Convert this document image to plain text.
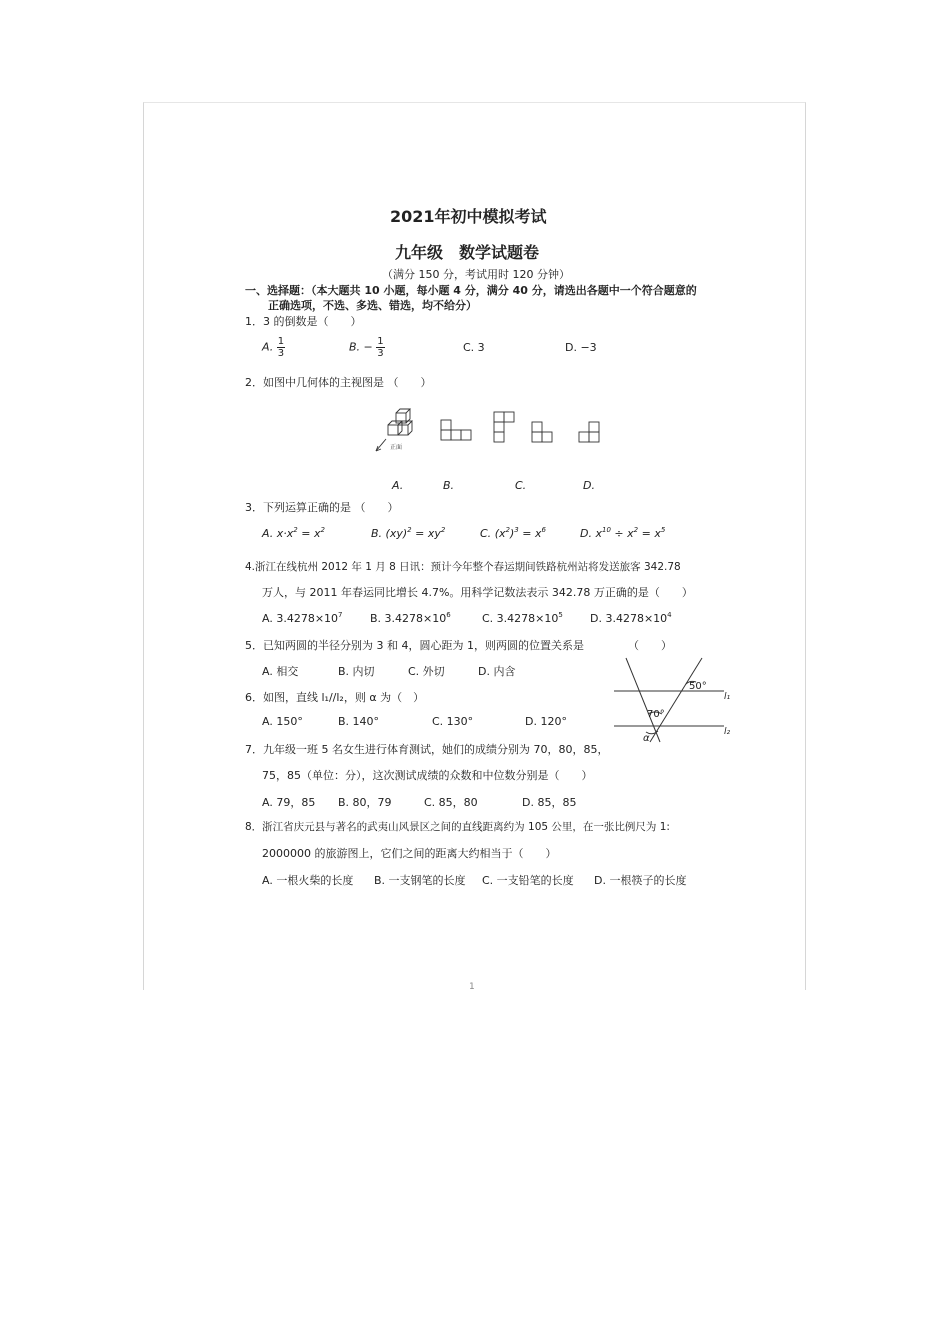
2021年初中模拟考试
九年级　数学试题卷
（满分 150 分，考试用时 120 分钟）
一、选择题：（本大题共 10 小题，每小题 4 分，满分 40 分，请选出各题中一个符合题意的
正确选项，不选、多选、错选，均不给分）
1．3 的倒数是（　　）
A. $\frac{1}{3}$	B. − $\frac{1}{3}$	C. 3	D. −3
2．如图中几何体的主视图是 （　　）
正面
A.	B.	C.	D.
3．下列运算正确的是 （　　）
A. $x\cdot x^2 = x^2$	B. $(xy)^2 = xy^2$	C. $(x^2)^3 = x^6$	D. $x^{10} \div x^2 = x^5$
4.浙江在线杭州 2012 年 1 月 8 日讯：预计今年整个春运期间铁路杭州站将发送旅客 342.78
万人，与 2011 年春运同比增长 4.7%。用科学记数法表示 342.78 万正确的是（　　）
A. $3.4278\times 10^7$	B. $3.4278\times 10^6$	C. $3.4278\times 10^5$ D. $3.4278\times 10^4$
5．已知两圆的半径分别为 3 和 4，圆心距为 1，则两圆的位置关系是	（　　）
A. 相交	B. 内切	C. 外切	D. 内含
6．如图，直线 l₁//l₂，则 α 为（　）
A. 150°	B. 140°	C. 130°	D. 120°
50°
70°
α
l₁
l₂
7．九年级一班 5 名女生进行体育测试，她们的成绩分别为 70，80，85，
75，85（单位：分），这次测试成绩的众数和中位数分别是（　　）
A. 79，85 B. 80，79	C. 85，80	D. 85，85
8．浙江省庆元县与著名的武夷山风景区之间的直线距离约为 105 公里，在一张比例尺为 1:
2000000 的旅游图上，它们之间的距离大约相当于（　　）
A. 一根火柴的长度 B. 一支钢笔的长度 C. 一支铅笔的长度 D. 一根筷子的长度
1
